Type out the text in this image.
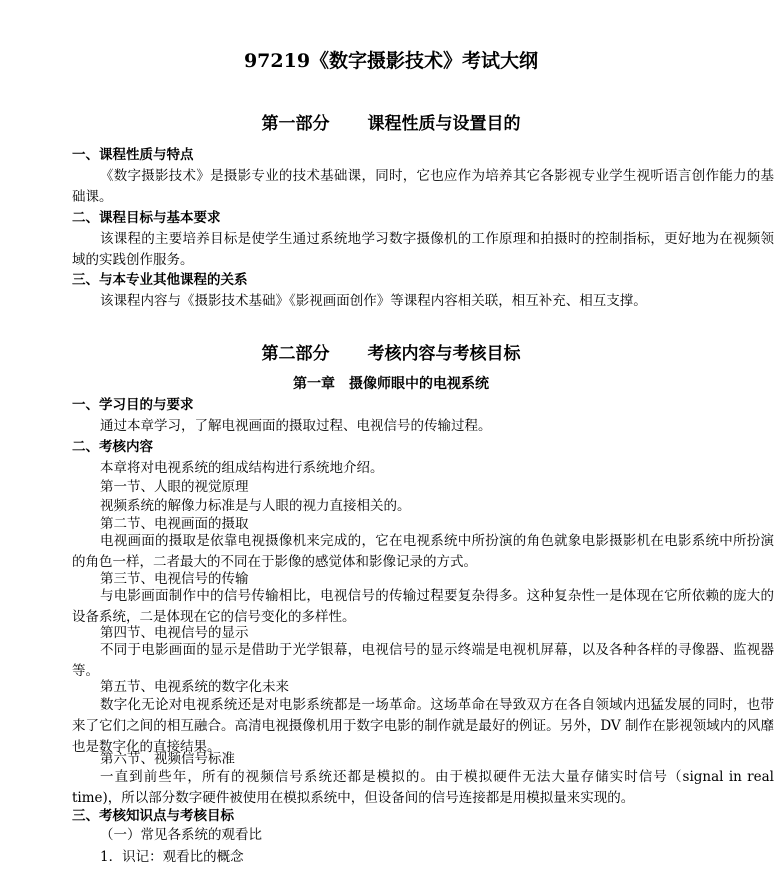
97219《数字摄影技术》考试大纲
第一部分 课程性质与设置目的
一、课程性质与特点
《数字摄影技术》是摄影专业的技术基础课，同时，它也应作为培养其它各影视专业学生视听语言创作能力的基础课。
二、课程目标与基本要求
该课程的主要培养目标是使学生通过系统地学习数字摄像机的工作原理和拍摄时的控制指标，更好地为在视频领域的实践创作服务。
三、与本专业其他课程的关系
该课程内容与《摄影技术基础》《影视画面创作》等课程内容相关联，相互补充、相互支撑。
第二部分 考核内容与考核目标
第一章 摄像师眼中的电视系统
一、学习目的与要求
通过本章学习，了解电视画面的摄取过程、电视信号的传输过程。
二、考核内容
本章将对电视系统的组成结构进行系统地介绍。
第一节、人眼的视觉原理
视频系统的解像力标准是与人眼的视力直接相关的。
第二节、电视画面的摄取
电视画面的摄取是依靠电视摄像机来完成的，它在电视系统中所扮演的角色就象电影摄影机在电影系统中所扮演的角色一样，二者最大的不同在于影像的感觉体和影像记录的方式。
第三节、电视信号的传输
与电影画面制作中的信号传输相比，电视信号的传输过程要复杂得多。这种复杂性一是体现在它所依赖的庞大的设备系统，二是体现在它的信号变化的多样性。
第四节、电视信号的显示
不同于电影画面的显示是借助于光学银幕，电视信号的显示终端是电视机屏幕，以及各种各样的寻像器、监视器等。
第五节、电视系统的数字化未来
数字化无论对电视系统还是对电影系统都是一场革命。这场革命在导致双方在各自领域内迅猛发展的同时，也带来了它们之间的相互融合。高清电视摄像机用于数字电影的制作就是最好的例证。另外，DV 制作在影视领域内的风靡也是数字化的直接结果。
第六节、视频信号标准
一直到前些年，所有的视频信号系统还都是模拟的。由于模拟硬件无法大量存储实时信号（signal in real time)，所以部分数字硬件被使用在模拟系统中，但设备间的信号连接都是用模拟量来实现的。
三、考核知识点与考核目标
（一）常见各系统的观看比
1．识记：观看比的概念
